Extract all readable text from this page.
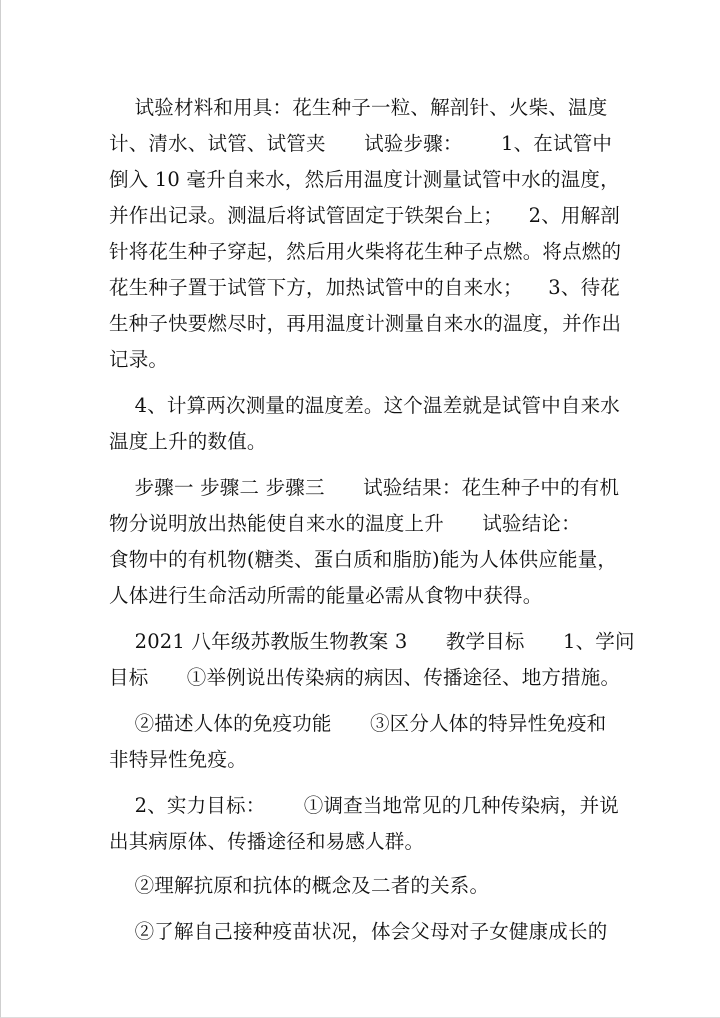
试验材料和用具：花生种子一粒、解剖针、火柴、温度
计、清水、试管、试管夹      试验步骤：      1、在试管中
倒入 10 毫升自来水，然后用温度计测量试管中水的温度，
并作出记录。测温后将试管固定于铁架台上；    2、用解剖
针将花生种子穿起，然后用火柴将花生种子点燃。将点燃的
花生种子置于试管下方，加热试管中的自来水；    3、待花
生种子快要燃尽时，再用温度计测量自来水的温度，并作出
记录。
4、计算两次测量的温度差。这个温差就是试管中自来水
温度上升的数值。
步骤一 步骤二 步骤三      试验结果：花生种子中的有机
物分说明放出热能使自来水的温度上升      试验结论：
食物中的有机物(糖类、蛋白质和脂肪)能为人体供应能量，
人体进行生命活动所需的能量必需从食物中获得。
2021 八年级苏教版生物教案 3      教学目标      1、学问
目标      ①举例说出传染病的病因、传播途径、地方措施。
②描述人体的免疫功能      ③区分人体的特异性免疫和
非特异性免疫。
2、实力目标：      ①调查当地常见的几种传染病，并说
出其病原体、传播途径和易感人群。
②理解抗原和抗体的概念及二者的关系。
②了解自己接种疫苗状况，体会父母对子女健康成长的
